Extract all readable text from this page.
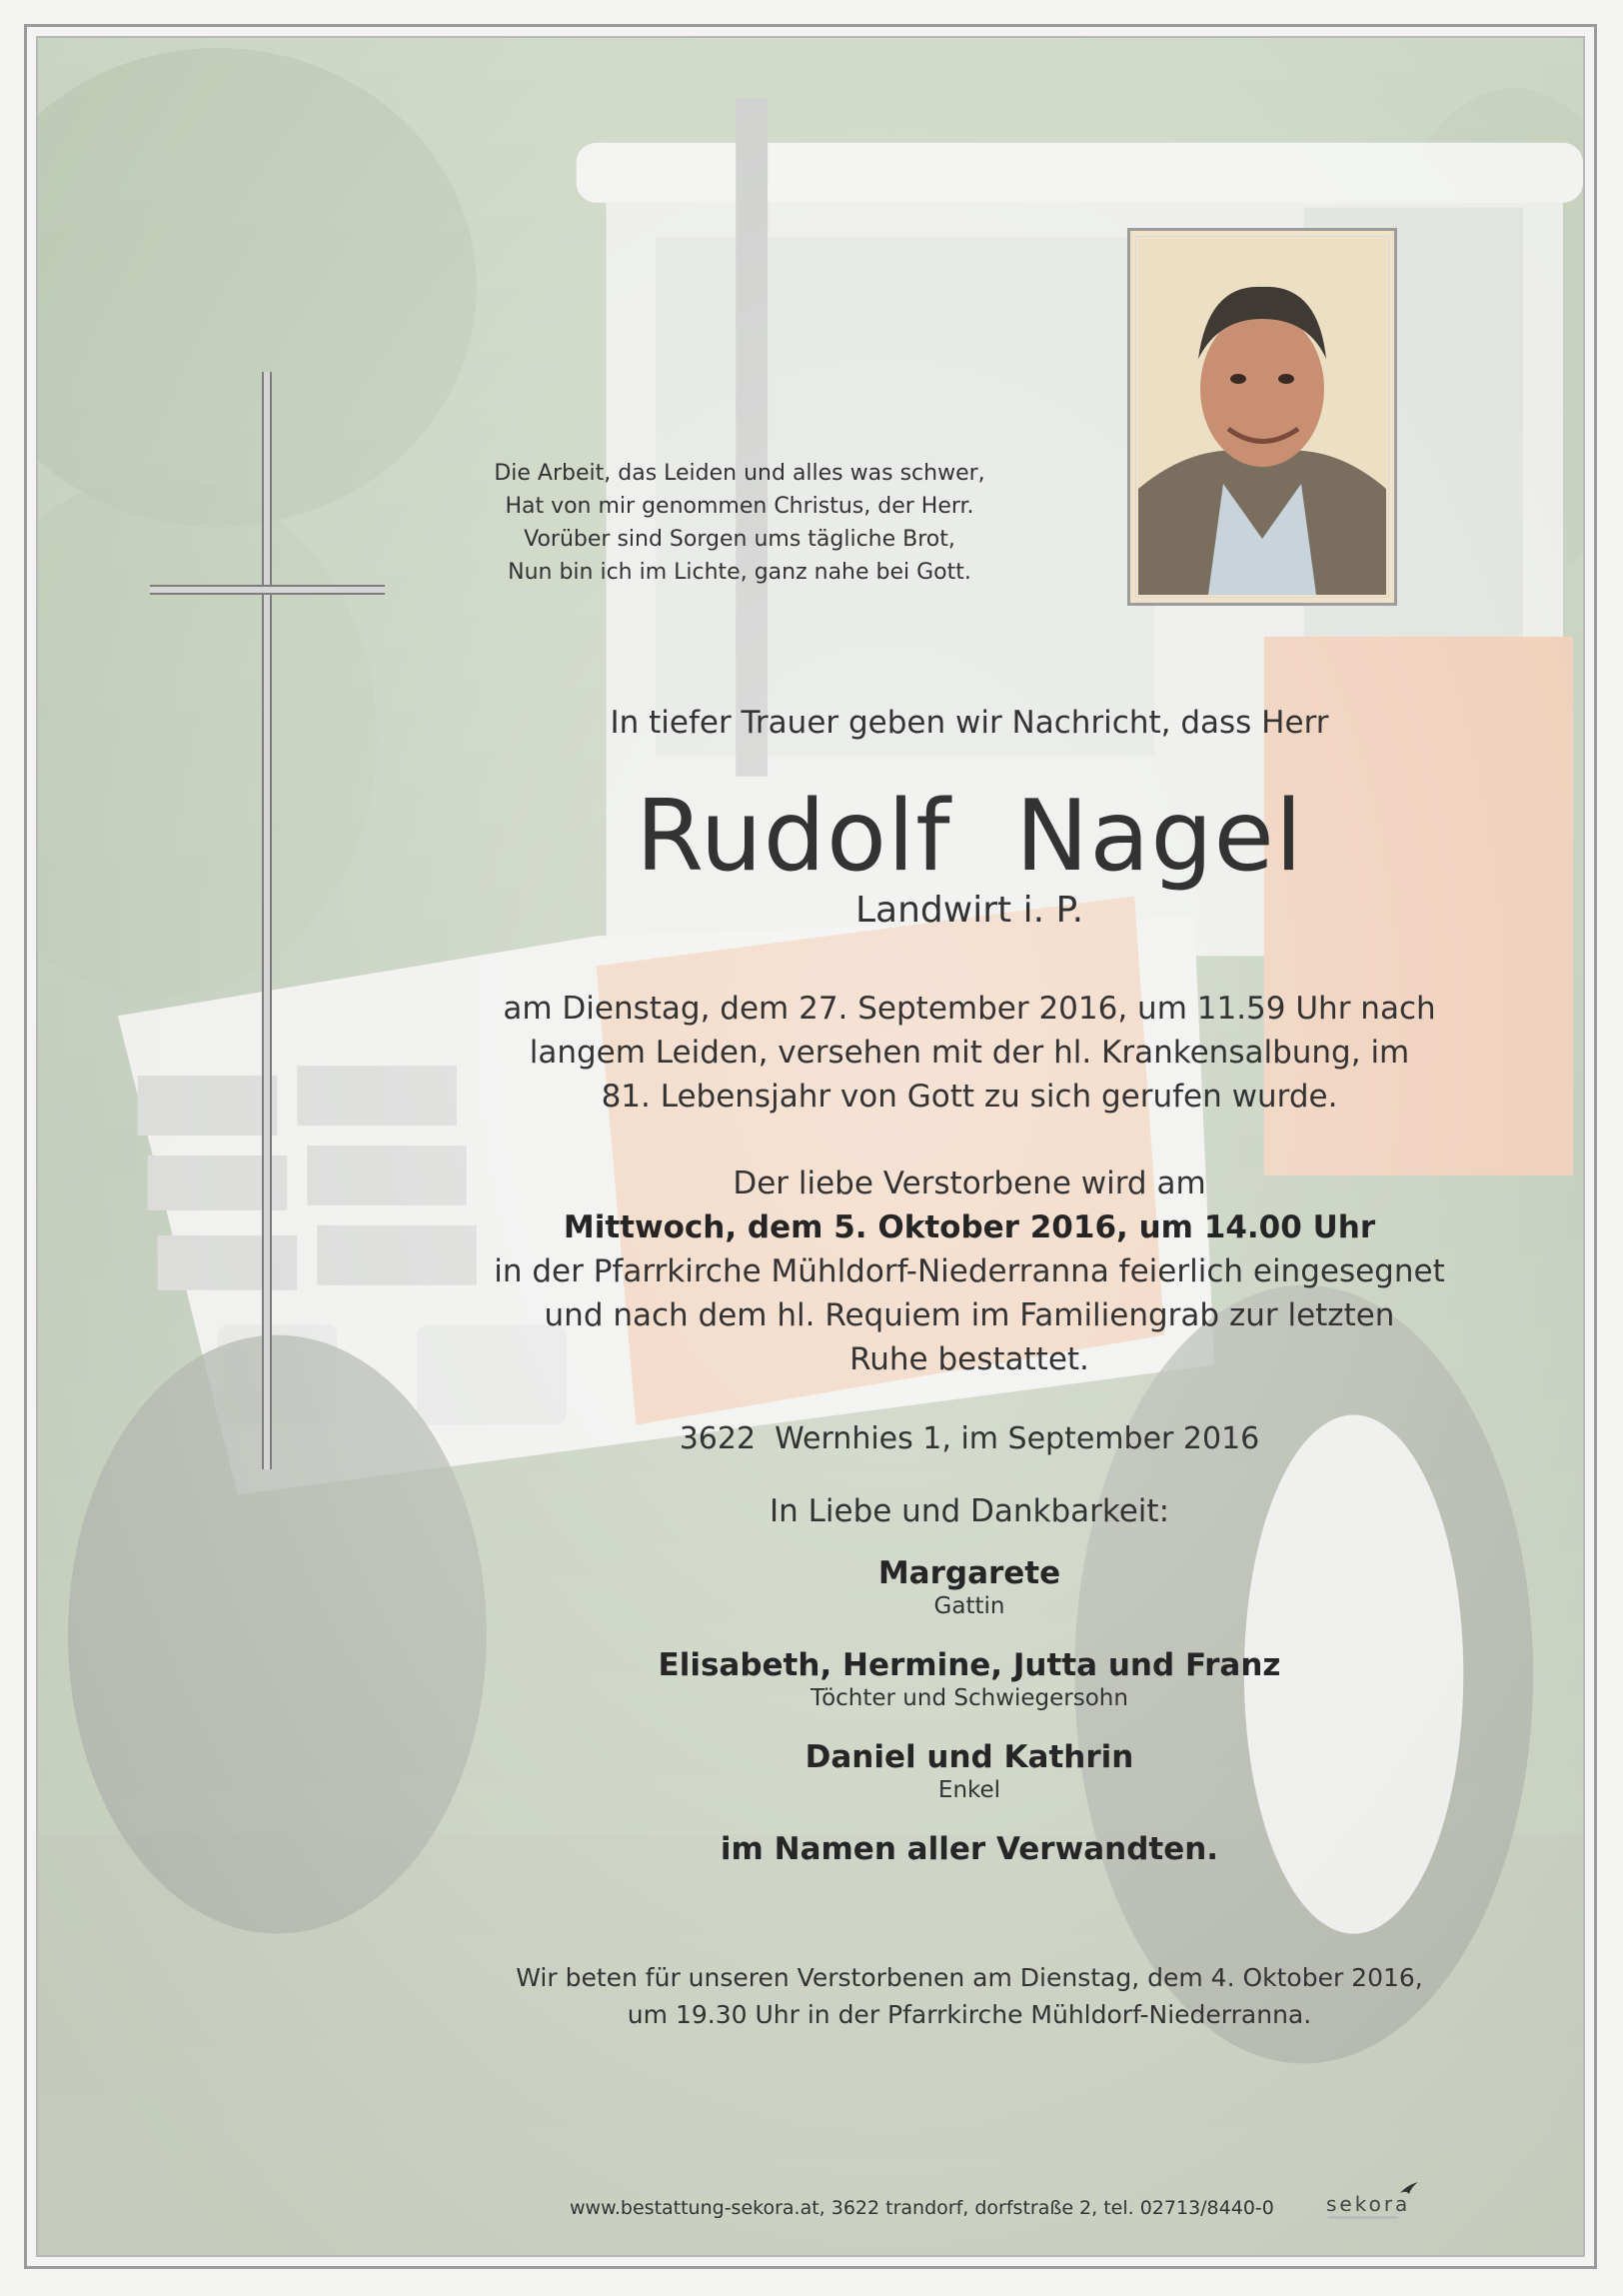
Die Arbeit, das Leiden und alles was schwer,
Hat von mir genommen Christus, der Herr.
Vorüber sind Sorgen ums tägliche Brot,
Nun bin ich im Lichte, ganz nahe bei Gott.
In tiefer Trauer geben wir Nachricht, dass Herr
Rudolf  Nagel
Landwirt i. P.
am Dienstag, dem 27. September 2016, um 11.59 Uhr nach
langem Leiden, versehen mit der hl. Krankensalbung, im
81. Lebensjahr von Gott zu sich gerufen wurde.
Der liebe Verstorbene wird am
Mittwoch, dem 5. Oktober 2016, um 14.00 Uhr
in der Pfarrkirche Mühldorf-Niederranna feierlich eingesegnet
und nach dem hl. Requiem im Familiengrab zur letzten
Ruhe bestattet.
3622  Wernhies 1, im September 2016
In Liebe und Dankbarkeit:
Margarete
Gattin
Elisabeth, Hermine, Jutta und Franz
Töchter und Schwiegersohn
Daniel und Kathrin
Enkel
im Namen aller Verwandten.
Wir beten für unseren Verstorbenen am Dienstag, dem 4. Oktober 2016,
um 19.30 Uhr in der Pfarrkirche Mühldorf-Niederranna.
www.bestattung-sekora.at, 3622 trandorf, dorfstraße 2, tel. 02713/8440-0	sekora
